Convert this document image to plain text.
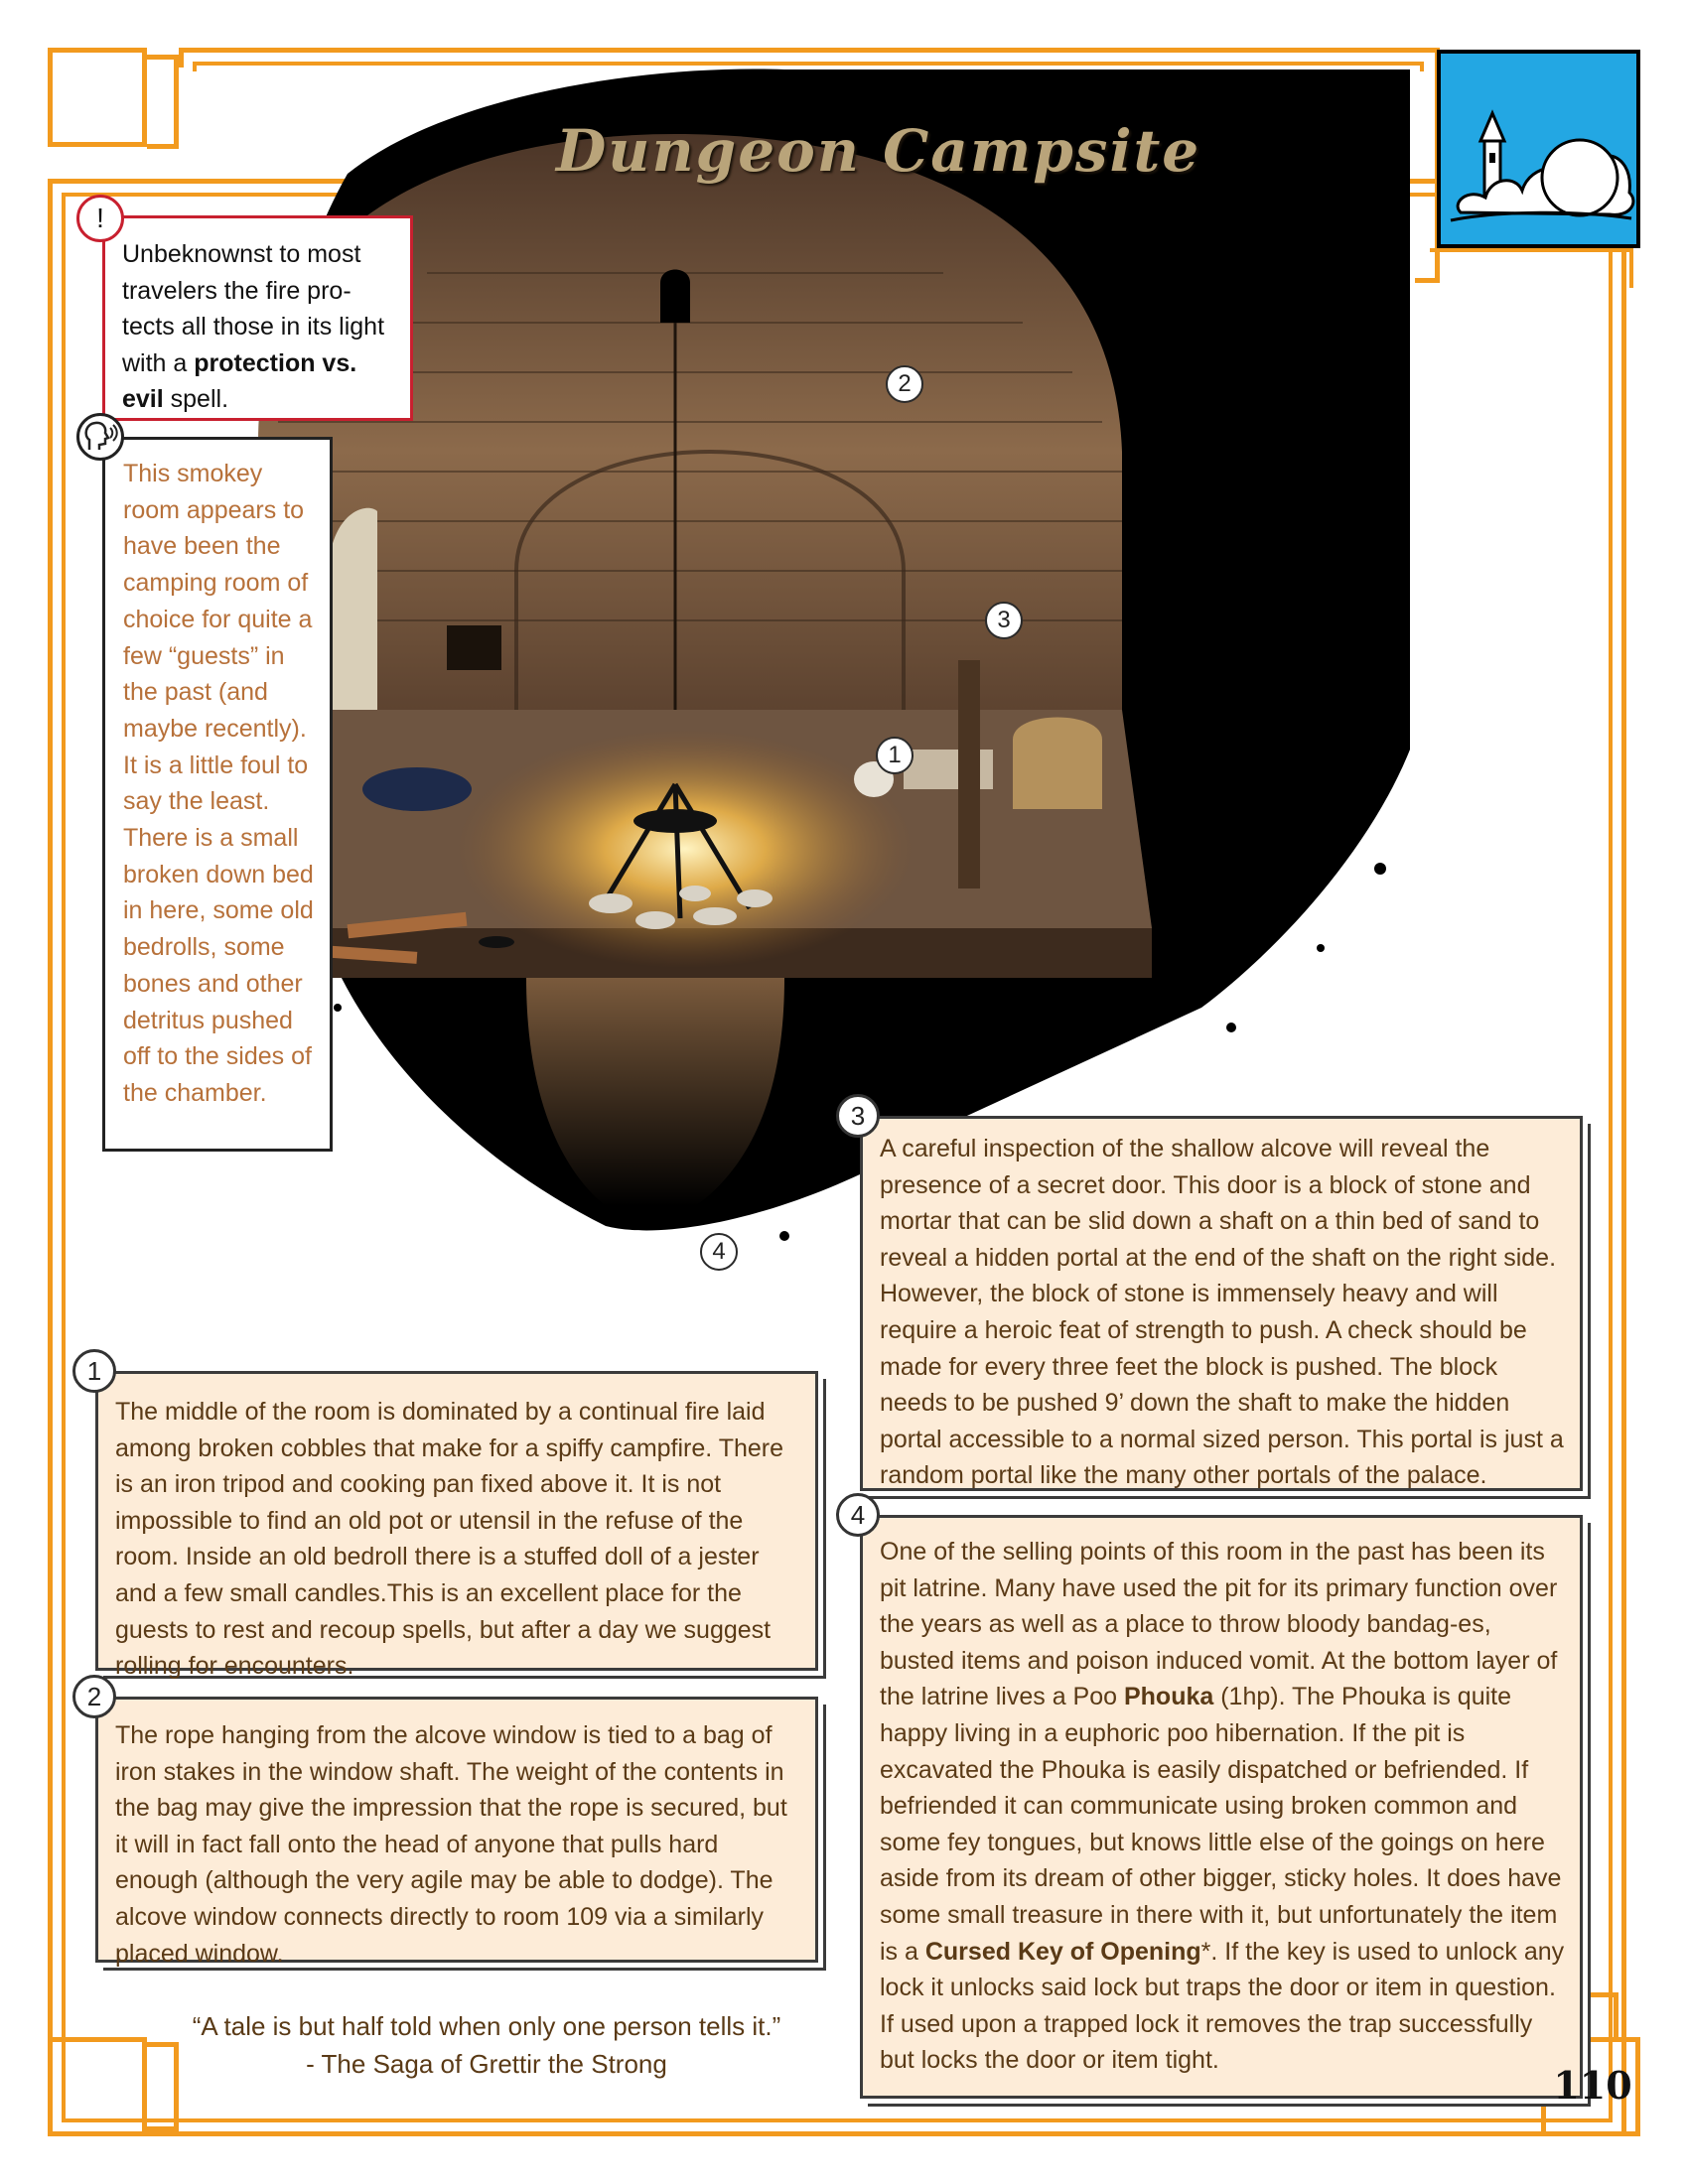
Dungeon Campsite
2
3
1
4
Unbeknownst to most travelers the fire pro-tects all those in its light with a protection vs. evil spell.
!
This smokey room appears to have been the camping room of choice for quite a few “guests” in the past (and maybe recently). It is a little foul to say the least. There is a small broken down bed in here, some old bedrolls, some bones and other detritus pushed off to the sides of the chamber.
The middle of the room is dominated by a continual fire laid among broken cobbles that make for a spiffy campfire. There is an iron tripod and cooking pan fixed above it. It is not impossible to find an old pot or utensil in the refuse of the room. Inside an old bedroll there is a stuffed doll of a jester and a few small candles.This is an excellent place for the guests to rest and recoup spells, but after a day we suggest rolling for encounters.
1
The rope hanging from the alcove window is tied to a bag of iron stakes in the window shaft. The weight of the contents in the bag may give the impression that the rope is secured, but it will in fact fall onto the head of anyone that pulls hard enough (although the very agile may be able to dodge). The alcove window connects directly to room 109 via a similarly placed window.
2
A careful inspection of the shallow alcove will reveal the presence of a secret door. This door is a block of stone and mortar that can be slid down a shaft on a thin bed of sand to reveal a hidden portal at the end of the shaft on the right side. However, the block of stone is immensely heavy and will require a heroic feat of strength to push. A check should be made for every three feet the block is pushed. The block needs to be pushed 9’ down the shaft to make the hidden portal accessible to a normal sized person. This portal is just a random portal like the many other portals of the palace.
3
One of the selling points of this room in the past has been its pit latrine. Many have used the pit for its primary function over the years as well as a place to throw bloody bandag-es, busted items and poison induced vomit. At the bottom layer of the latrine lives a Poo Phouka (1hp). The Phouka is quite happy living in a euphoric poo hibernation. If the pit is excavated the Phouka is easily dispatched or befriended. If befriended it can communicate using broken common and some fey tongues, but knows little else of the goings on here aside from its dream of other bigger, sticky holes. It does have some small treasure in there with it, but unfortunately the item is a Cursed Key of Opening*. If the key is used to unlock any lock it unlocks said lock but traps the door or item in question. If used upon a trapped lock it removes the trap successfully but locks the door or item tight.
4
“A tale is but half told when only one person tells it.”
- The Saga of Grettir the Strong	110
